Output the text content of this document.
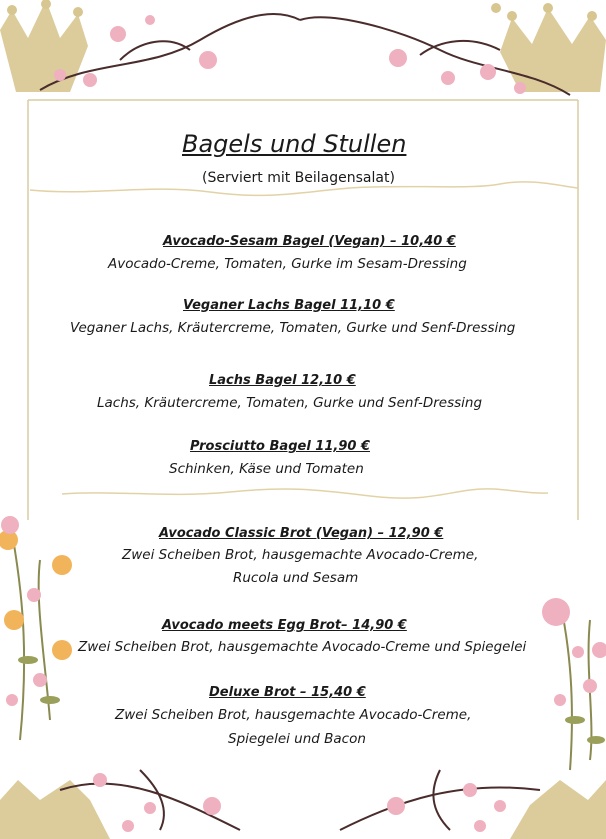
Bagels und Stullen
(Serviert mit Beilagensalat)
Avocado-Sesam Bagel (Vegan) – 10,40 €
Avocado-Creme, Tomaten, Gurke im Sesam-Dressing
Veganer Lachs Bagel 11,10 €
Veganer Lachs, Kräutercreme, Tomaten, Gurke und Senf-Dressing
Lachs Bagel 12,10 €
Lachs, Kräutercreme, Tomaten, Gurke und Senf-Dressing
Prosciutto Bagel 11,90 €
Schinken, Käse und Tomaten
Avocado Classic Brot (Vegan) – 12,90 €
Zwei Scheiben Brot, hausgemachte Avocado-Creme,
Rucola und Sesam
Avocado meets Egg Brot– 14,90 €
Zwei Scheiben Brot, hausgemachte Avocado-Creme und Spiegelei
Deluxe Brot – 15,40 €
Zwei Scheiben Brot, hausgemachte Avocado-Creme,
Spiegelei und Bacon
